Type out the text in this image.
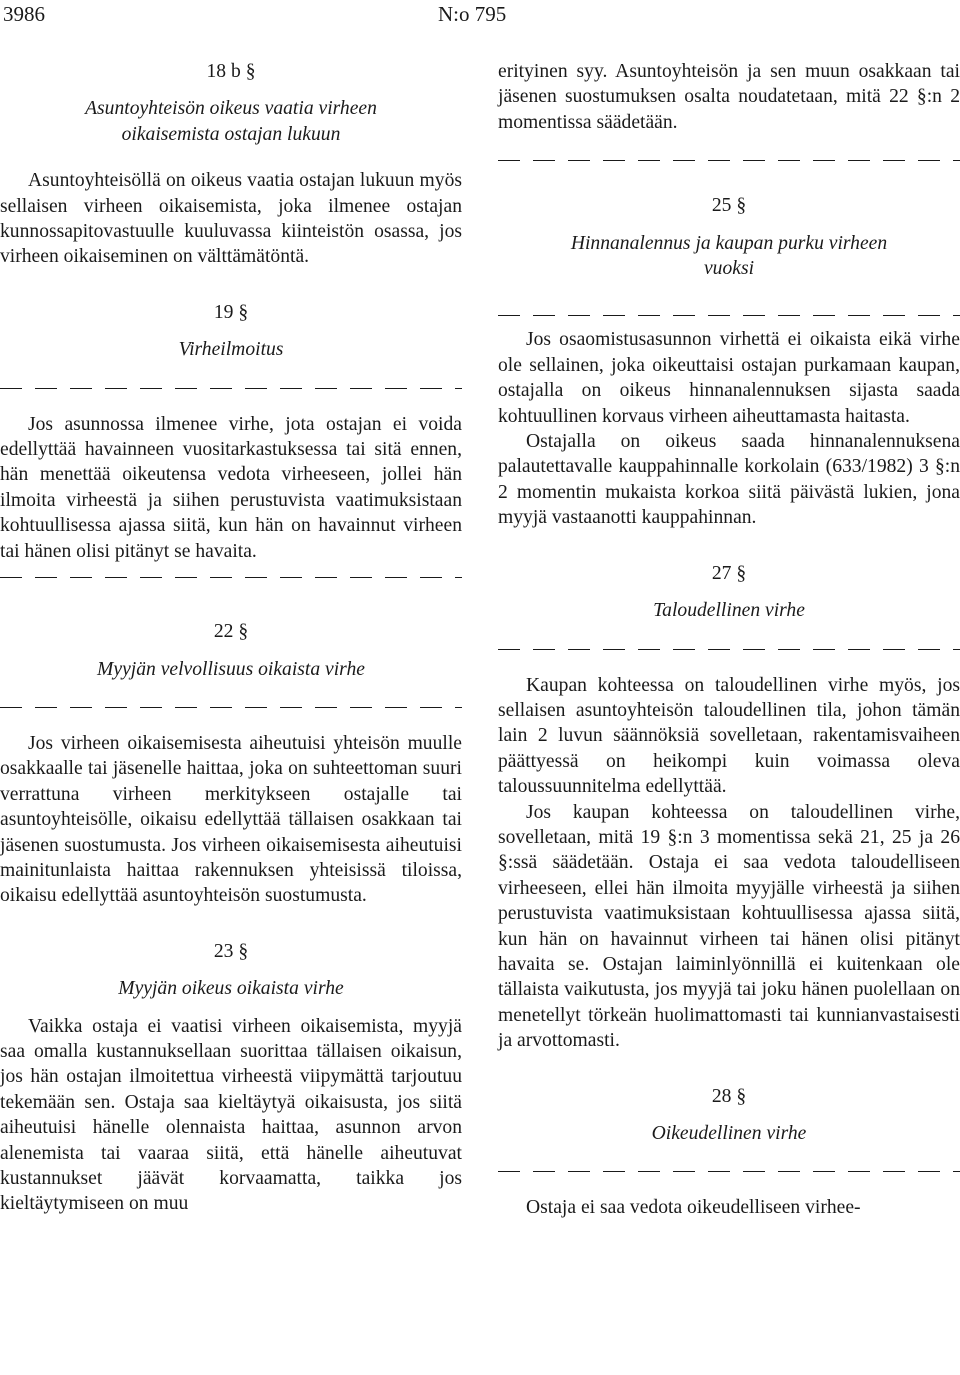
3986	N:o 795

18 b §

Asuntoyhteisön oikeus vaatia virheen

oikaisemista ostajan lukuun

Asuntoyhteisöllä on oikeus vaatia ostajan lukuun myös sellaisen virheen oikaisemista, joka ilmenee ostajan kunnossapitovastuulle kuuluvassa kiinteistön osassa, jos virheen oikaiseminen on välttämätöntä.

19 §

Virheilmoitus

Jos asunnossa ilmenee virhe, jota ostajan ei voida edellyttää havainneen vuositarkastuksessa tai sitä ennen, hän menettää oikeutensa vedota virheeseen, jollei hän ilmoita virheestä ja siihen perustuvista vaatimuksistaan kohtuullisessa ajassa siitä, kun hän on havainnut virheen tai hänen olisi pitänyt se havaita.

22 §

Myyjän velvollisuus oikaista virhe

Jos virheen oikaisemisesta aiheutuisi yhteisön muulle osakkaalle tai jäsenelle haittaa, joka on suhteettoman suuri verrattuna virheen merkitykseen ostajalle tai asuntoyhteisölle, oikaisu edellyttää tällaisen osakkaan tai jäsenen suostumusta. Jos virheen oikaisemisesta aiheutuisi mainitunlaista haittaa rakennuksen yhteisissä tiloissa, oikaisu edellyttää asuntoyhteisön suostumusta.

23 §

Myyjän oikeus oikaista virhe

Vaikka ostaja ei vaatisi virheen oikaisemista, myyjä saa omalla kustannuksellaan suorittaa tällaisen oikaisun, jos hän ostajan ilmoitettua virheestä viipymättä tarjoutuu tekemään sen. Ostaja saa kieltäytyä oikaisusta, jos siitä aiheutuisi hänelle olennaista haittaa, asunnon arvon alenemista tai vaaraa siitä, että hänelle aiheutuvat kustannukset jäävät korvaamatta, taikka jos kieltäytymiseen on muu

erityinen syy. Asuntoyhteisön ja sen muun osakkaan tai jäsenen suostumuksen osalta noudatetaan, mitä 22 §:n 2 momentissa säädetään.

25 §

Hinnanalennus ja kaupan purku virheen

vuoksi

Jos osaomistusasunnon virhettä ei oikaista eikä virhe ole sellainen, joka oikeuttaisi ostajan purkamaan kaupan, ostajalla on oikeus hinnanalennuksen sijasta saada kohtuullinen korvaus virheen aiheuttamasta haitasta.

Ostajalla on oikeus saada hinnanalennuksena palautettavalle kauppahinnalle korkolain (633/1982) 3 §:n 2 momentin mukaista korkoa siitä päivästä lukien, jona myyjä vastaanotti kauppahinnan.

27 §

Taloudellinen virhe

Kaupan kohteessa on taloudellinen virhe myös, jos sellaisen asuntoyhteisön taloudellinen tila, johon tämän lain 2 luvun säännöksiä sovelletaan, rakentamisvaiheen päättyessä on heikompi kuin voimassa oleva taloussuunnitelma edellyttää.

Jos kaupan kohteessa on taloudellinen virhe, sovelletaan, mitä 19 §:n 3 momentissa sekä 21, 25 ja 26 §:ssä säädetään. Ostaja ei saa vedota taloudelliseen virheeseen, ellei hän ilmoita myyjälle virheestä ja siihen perustuvista vaatimuksistaan kohtuullisessa ajassa siitä, kun hän on havainnut virheen tai hänen olisi pitänyt havaita se. Ostajan laiminlyönnillä ei kuitenkaan ole tällaista vaikutusta, jos myyjä tai joku hänen puolellaan on menetellyt törkeän huolimattomasti tai kunnianvastaisesti ja arvottomasti.

28 §

Oikeudellinen virhe

Ostaja ei saa vedota oikeudelliseen virhee-
